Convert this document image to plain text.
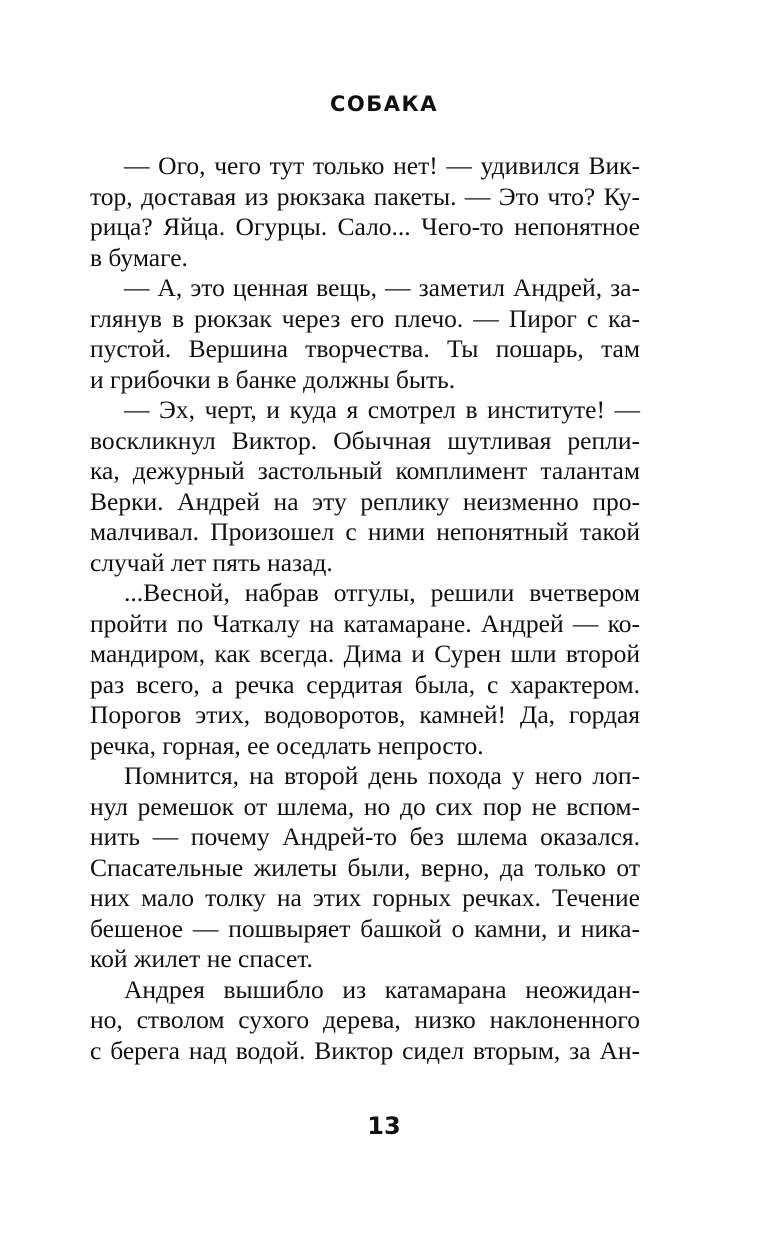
СОБАКА
— Ого, чего тут только нет! — удивился Вик-
тор, доставая из рюкзака пакеты. — Это что? Ку-
рица? Яйца. Огурцы. Сало... Чего-то непонятное
в бумаге.
— А, это ценная вещь, — заметил Андрей, за-
глянув в рюкзак через его плечо. — Пирог с ка-
пустой. Вершина творчества. Ты пошарь, там
и грибочки в банке должны быть.
— Эх, черт, и куда я смотрел в институте! —
воскликнул Виктор. Обычная шутливая репли-
ка, дежурный застольный комплимент талантам
Верки. Андрей на эту реплику неизменно про-
малчивал. Произошел с ними непонятный такой
случай лет пять назад.
...Весной, набрав отгулы, решили вчетвером
пройти по Чаткалу на катамаране. Андрей — ко-
мандиром, как всегда. Дима и Сурен шли второй
раз всего, а речка сердитая была, с характером.
Порогов этих, водоворотов, камней! Да, гордая
речка, горная, ее оседлать непросто.
Помнится, на второй день похода у него лоп-
нул ремешок от шлема, но до сих пор не вспом-
нить — почему Андрей-то без шлема оказался.
Спасательные жилеты были, верно, да только от
них мало толку на этих горных речках. Течение
бешеное — пошвыряет башкой о камни, и ника-
кой жилет не спасет.
Андрея вышибло из катамарана неожидан-
но, стволом сухого дерева, низко наклоненного
с берега над водой. Виктор сидел вторым, за Ан-
13
